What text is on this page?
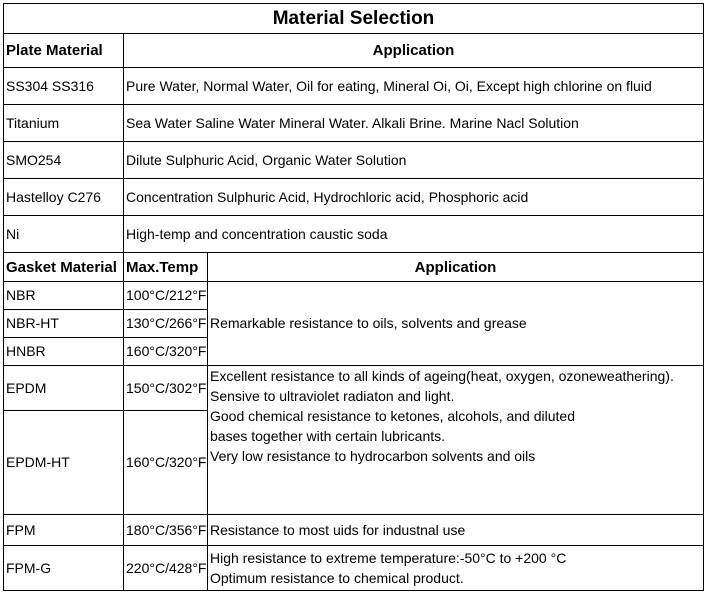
Material Selection		
Plate Material	Application	
SS304 SS316	Pure Water, Normal Water, Oil for eating, Mineral Oi, Oi, Except high chlorine on fluid	
Titanium	Sea Water Saline Water Mineral Water. Alkali Brine. Marine Nacl Solution	
SMO254	Dilute Sulphuric Acid, Organic Water Solution	
Hastelloy C276	Concentration Sulphuric Acid, Hydrochloric acid, Phosphoric acid	
Ni	High-temp and concentration caustic soda	
Gasket Material	Max.Temp	Application
NBR	100°C/212°F	Remarkable resistance to oils, solvents and grease
NBR-HT	130°C/266°F	
HNBR	160°C/320°F	
EPDM	150°C/302°F	Excellent resistance to all kinds of ageing(heat, oxygen, ozoneweathering).
Sensive to ultraviolet radiaton and light.
Good chemical resistance to ketones, alcohols, and diluted
bases together with certain lubricants.
Very low resistance to hydrocarbon solvents and oils

EPDM-HT	160°C/320°F	
FPM	180°C/356°F	Resistance to most uids for industnal use
FPM-G	220°C/428°F	High resistance to extreme temperature:-50°C to +200 °C
Optimum resistance to chemical product.
